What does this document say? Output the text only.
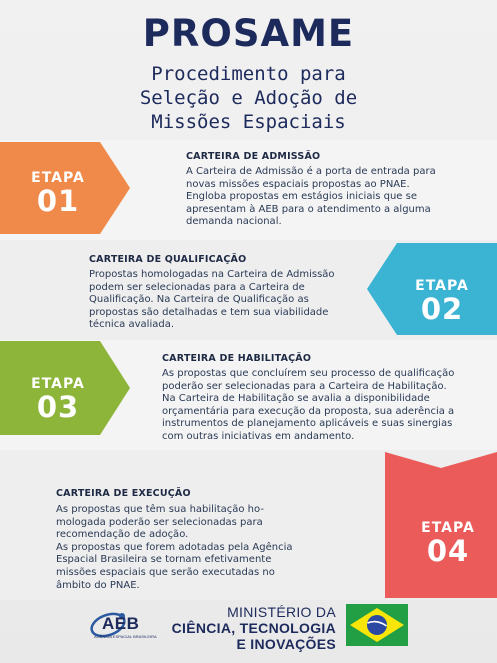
PROSAME
Procedimento para
Seleção e Adoção de
Missões Espaciais
ETAPA
01
CARTEIRA DE ADMISSÃO
A Carteira de Admissão é a porta de entrada para
novas missões espaciais propostas ao PNAE.
Engloba propostas em estágios iniciais que se
apresentam à AEB para o atendimento a alguma
demanda nacional.
ETAPA
02
CARTEIRA DE QUALIFICAÇÃO
Propostas homologadas na Carteira de Admissão
podem ser selecionadas para a Carteira de
Qualificação. Na Carteira de Qualificação as
propostas são detalhadas e tem sua viabilidade
técnica avaliada.
ETAPA
03
CARTEIRA DE HABILITAÇÃO
As propostas que concluírem seu processo de qualificação
poderão ser selecionadas para a Carteira de Habilitação.
Na Carteira de Habilitação se avalia a disponibilidade
orçamentária para execução da proposta, sua aderência a
instrumentos de planejamento aplicáveis e suas sinergias
com outras iniciativas em andamento.
ETAPA
04
CARTEIRA DE EXECUÇÃO
As propostas que têm sua habilitação ho-
mologada poderão ser selecionadas para
recomendação de adoção.
As propostas que forem adotadas pela Agência
Espacial Brasileira se tornam efetivamente
missões espaciais que serão executadas no
âmbito do PNAE.
AEB
AGÊNCIA ESPACIAL BRASILEIRA
MINISTÉRIO DA
CIÊNCIA, TECNOLOGIA
E INOVAÇÕES
